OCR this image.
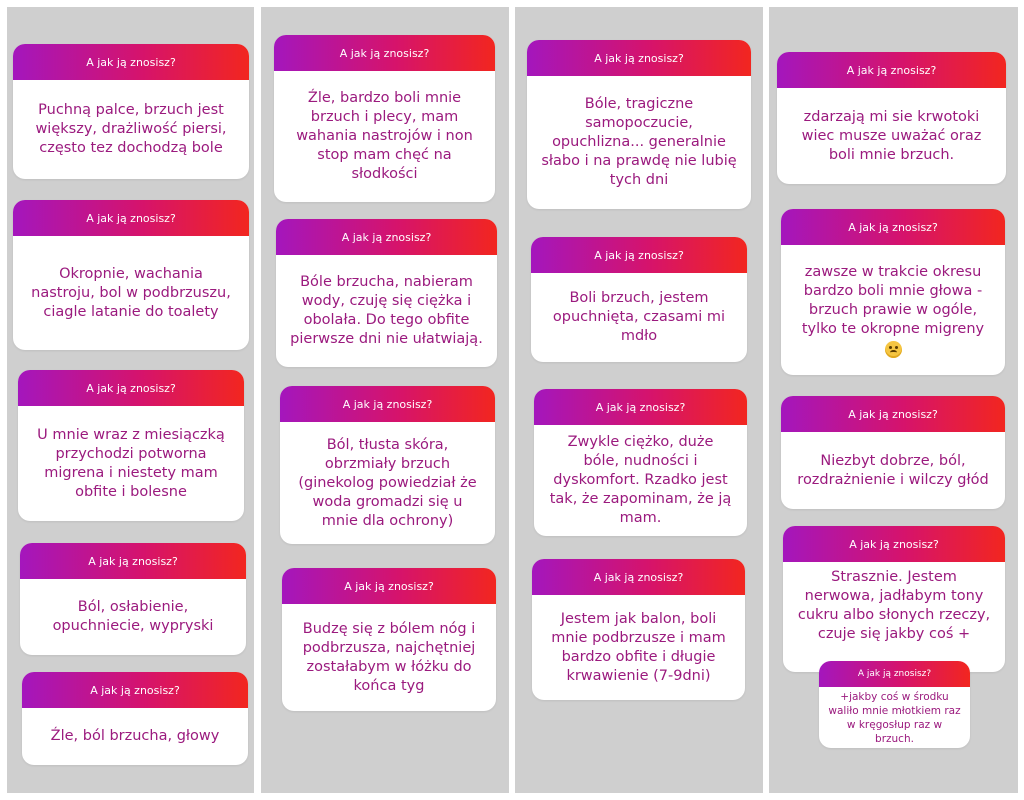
A jak ją znosisz?
Puchną palce, brzuch jest większy, drażliwość piersi, często tez dochodzą bole
A jak ją znosisz?
Okropnie, wachania nastroju, bol w podbrzuszu, ciagle latanie do toalety
A jak ją znosisz?
U mnie wraz z miesiączką przychodzi potworna migrena i niestety mam obfite i bolesne
A jak ją znosisz?
Ból, osłabienie, opuchniecie, wypryski
A jak ją znosisz?
Źle, ból brzucha, głowy
A jak ją znosisz?
Źle, bardzo boli mnie brzuch i plecy, mam wahania nastrojów i non stop mam chęć na słodkości
A jak ją znosisz?
Bóle brzucha, nabieram wody, czuję się ciężka i obolała. Do tego obfite pierwsze dni nie ułatwiają.
A jak ją znosisz?
Ból, tłusta skóra, obrzmiały brzuch (ginekolog powiedział że woda gromadzi się u mnie dla ochrony)
A jak ją znosisz?
Budzę się z bólem nóg i podbrzusza, najchętniej zostałabym w łóżku do końca tyg
A jak ją znosisz?
Bóle, tragiczne samopoczucie, opuchlizna... generalnie słabo i na prawdę nie lubię tych dni
A jak ją znosisz?
Boli brzuch, jestem opuchnięta, czasami mi mdło
A jak ją znosisz?
Zwykle ciężko, duże bóle, nudności i dyskomfort. Rzadko jest tak, że zapominam, że ją mam.
A jak ją znosisz?
Jestem jak balon, boli mnie podbrzusze i mam bardzo obfite i długie krwawienie (7-9dni)
A jak ją znosisz?
zdarzają mi sie krwotoki wiec musze uważać oraz boli mnie brzuch.
A jak ją znosisz?
zawsze w trakcie okresu bardzo boli mnie głowa - brzuch prawie w ogóle, tylko te okropne migreny
A jak ją znosisz?
Niezbyt dobrze, ból, rozdrażnienie i wilczy głód
A jak ją znosisz?
Strasznie. Jestem nerwowa, jadłabym tony cukru albo słonych rzeczy, czuje się jakby coś +
A jak ją znosisz?
+jakby coś w środku waliło mnie młotkiem raz w kręgosłup raz w brzuch.
